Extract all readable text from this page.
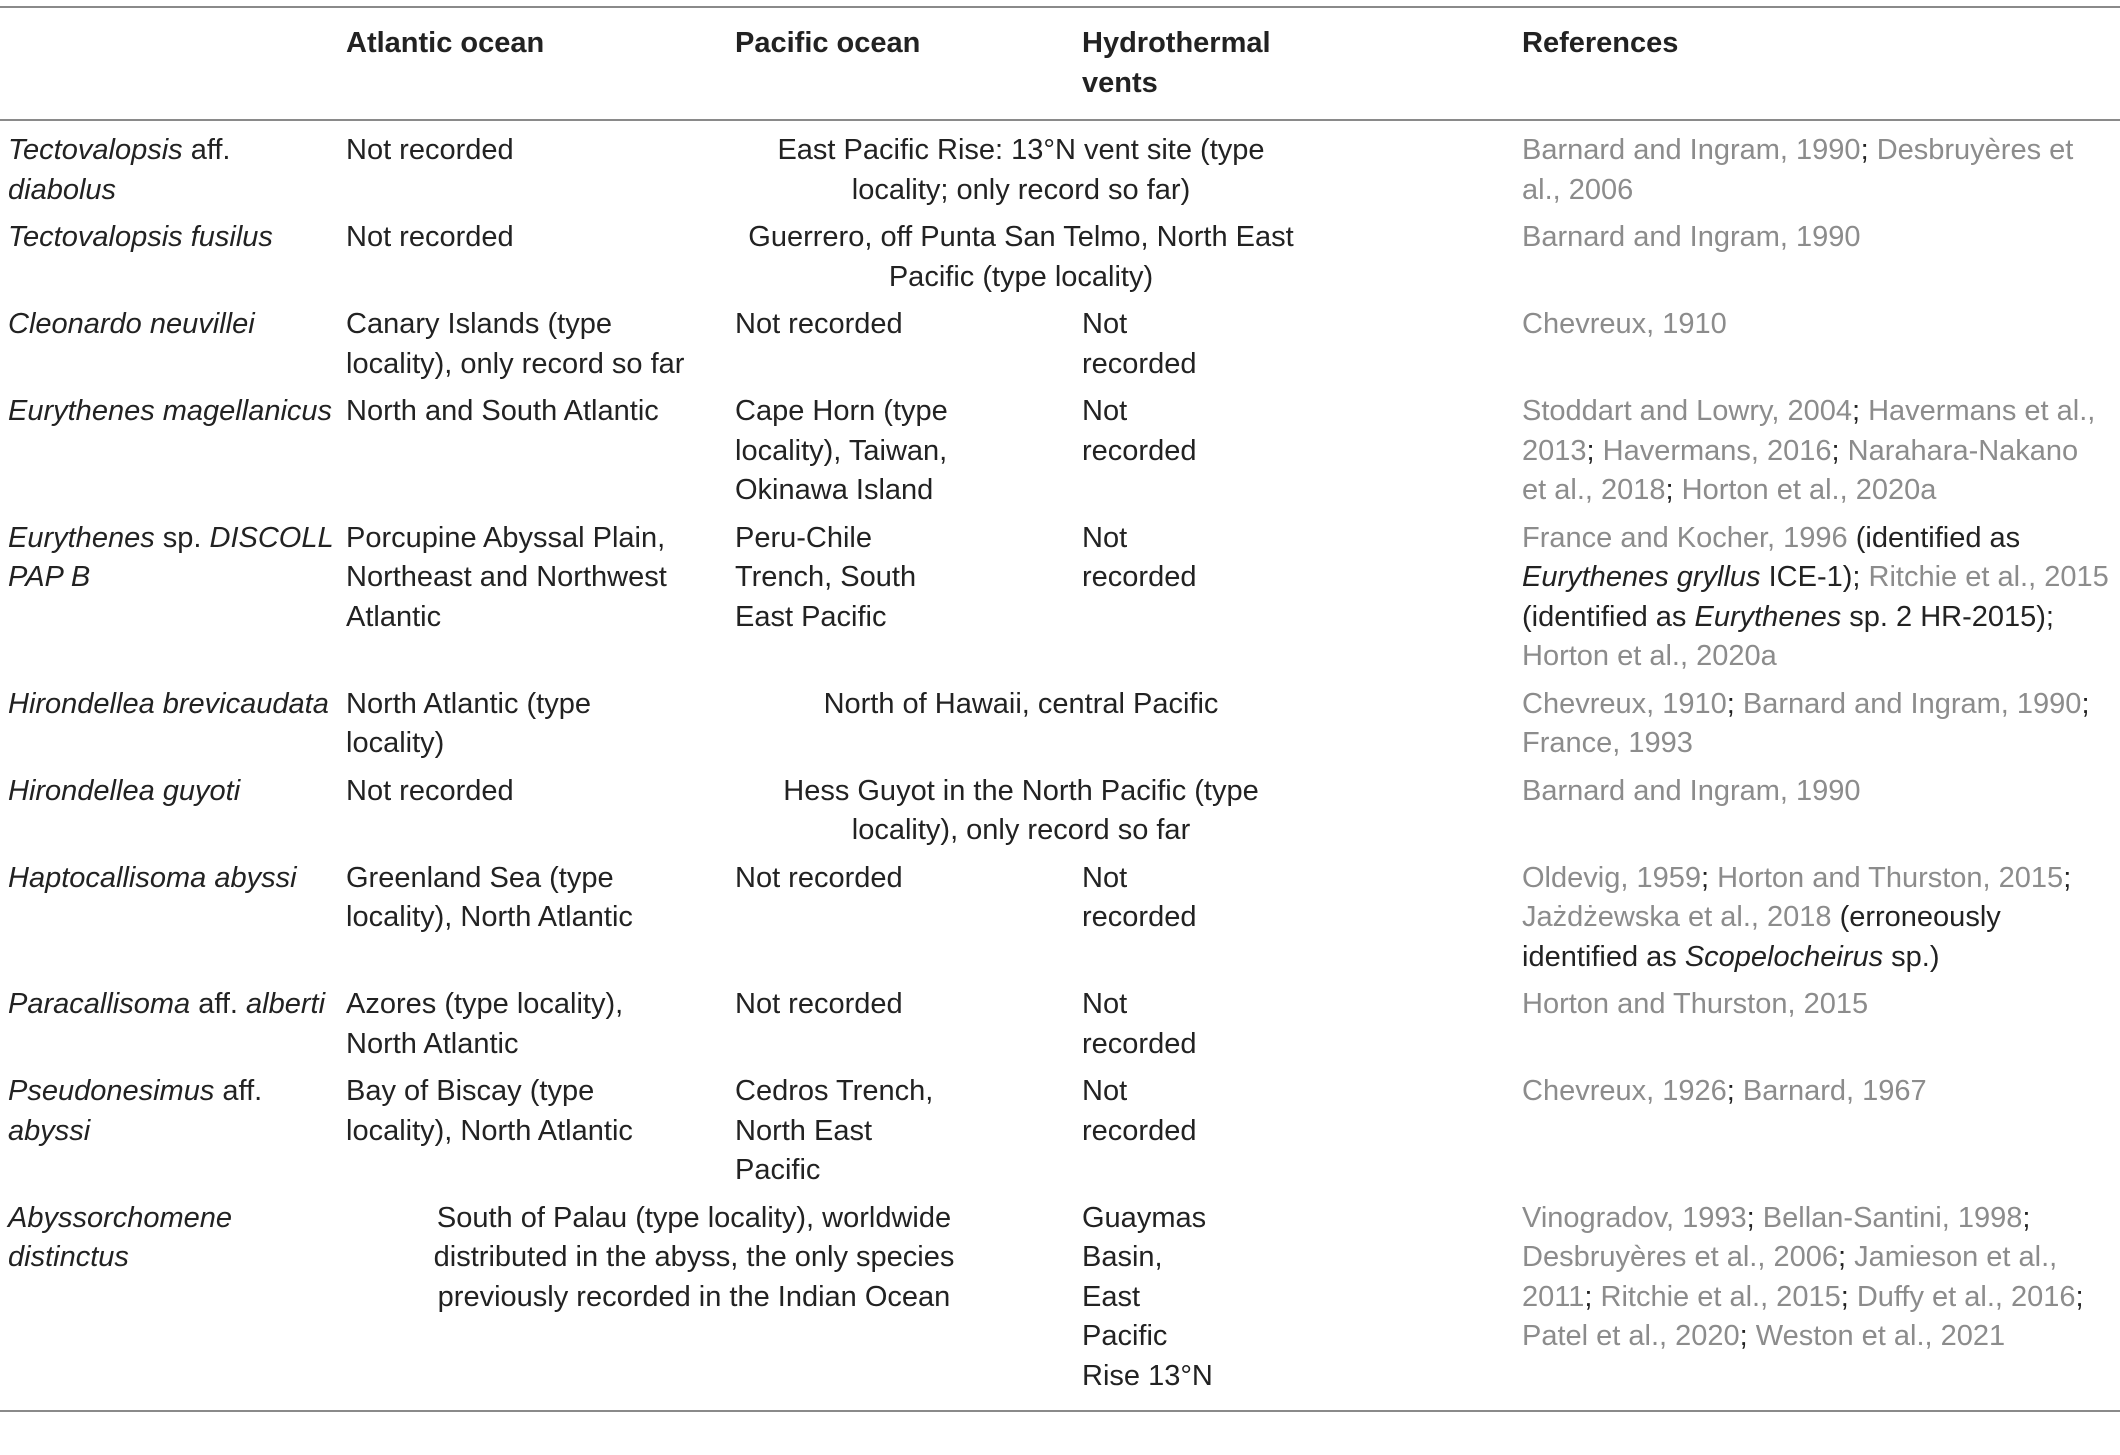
	Atlantic ocean	Pacific ocean	Hydrothermal vents	References
Tectovalopsis aff. diabolus	Not recorded	East Pacific Rise: 13°N vent site (type locality; only record so far)		Barnard and Ingram, 1990; Desbruyères et al., 2006
Tectovalopsis fusilus	Not recorded	Guerrero, off Punta San Telmo, North East Pacific (type locality)		Barnard and Ingram, 1990
Cleonardo neuvillei	Canary Islands (type locality), only record so far	Not recorded	Not recorded	Chevreux, 1910
Eurythenes magellanicus	North and South Atlantic	Cape Horn (type locality), Taiwan, Okinawa Island	Not recorded	Stoddart and Lowry, 2004; Havermans et al., 2013; Havermans, 2016; Narahara-Nakano et al., 2018; Horton et al., 2020a
Eurythenes sp. DISCOLL PAP B	Porcupine Abyssal Plain, Northeast and Northwest Atlantic	Peru-Chile Trench, South East Pacific	Not recorded	France and Kocher, 1996 (identified as Eurythenes gryllus ICE-1); Ritchie et al., 2015 (identified as Eurythenes sp. 2 HR-2015); Horton et al., 2020a
Hirondellea brevicaudata	North Atlantic (type locality)	North of Hawaii, central Pacific		Chevreux, 1910; Barnard and Ingram, 1990; France, 1993
Hirondellea guyoti	Not recorded	Hess Guyot in the North Pacific (type locality), only record so far		Barnard and Ingram, 1990
Haptocallisoma abyssi	Greenland Sea (type locality), North Atlantic	Not recorded	Not recorded	Oldevig, 1959; Horton and Thurston, 2015; Jażdżewska et al., 2018 (erroneously identified as Scopelocheirus sp.)
Paracallisoma aff. alberti	Azores (type locality), North Atlantic	Not recorded	Not recorded	Horton and Thurston, 2015
Pseudonesimus aff. abyssi	Bay of Biscay (type locality), North Atlantic	Cedros Trench, North East Pacific	Not recorded	Chevreux, 1926; Barnard, 1967
Abyssorchomene distinctus	South of Palau (type locality), worldwide distributed in the abyss, the only species previously recorded in the Indian Ocean		Guaymas Basin, East Pacific Rise 13°N	Vinogradov, 1993; Bellan-Santini, 1998; Desbruyères et al., 2006; Jamieson et al., 2011; Ritchie et al., 2015; Duffy et al., 2016; Patel et al., 2020; Weston et al., 2021
